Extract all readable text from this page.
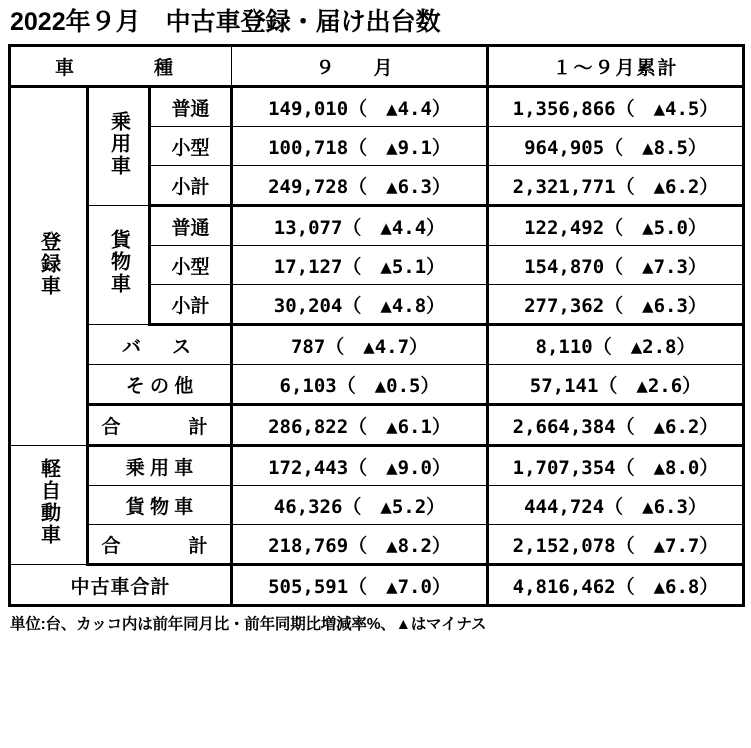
2022年９月　中古車登録・届け出台数
車　　種			９　月	１〜９月累計
登録車	乗用車	普通	149,010（　▲4.4）	1,356,866（　▲4.5）
		小型	100,718（　▲9.1）	964,905（　▲8.5）
		小計	249,728（　▲6.3）	2,321,771（　▲6.2）
	貨物車	普通	13,077（　▲4.4）	122,492（　▲5.0）
		小型	17,127（　▲5.1）	154,870（　▲7.3）
		小計	30,204（　▲4.8）	277,362（　▲6.3）
	バ　ス		787（　▲4.7）	8,110（　▲2.8）
	そ の 他		6,103（　▲0.5）	57,141（　▲2.6）
	合　　計		286,822（　▲6.1）	2,664,384（　▲6.2）
軽自動車	乗 用 車		172,443（　▲9.0）	1,707,354（　▲8.0）
	貨 物 車		46,326（　▲5.2）	444,724（　▲6.3）
	合　　計		218,769（　▲8.2）	2,152,078（　▲7.7）
中古車合計			505,591（　▲7.0）	4,816,462（　▲6.8）
単位:台、カッコ内は前年同月比・前年同期比増減率%、▲はマイナス
